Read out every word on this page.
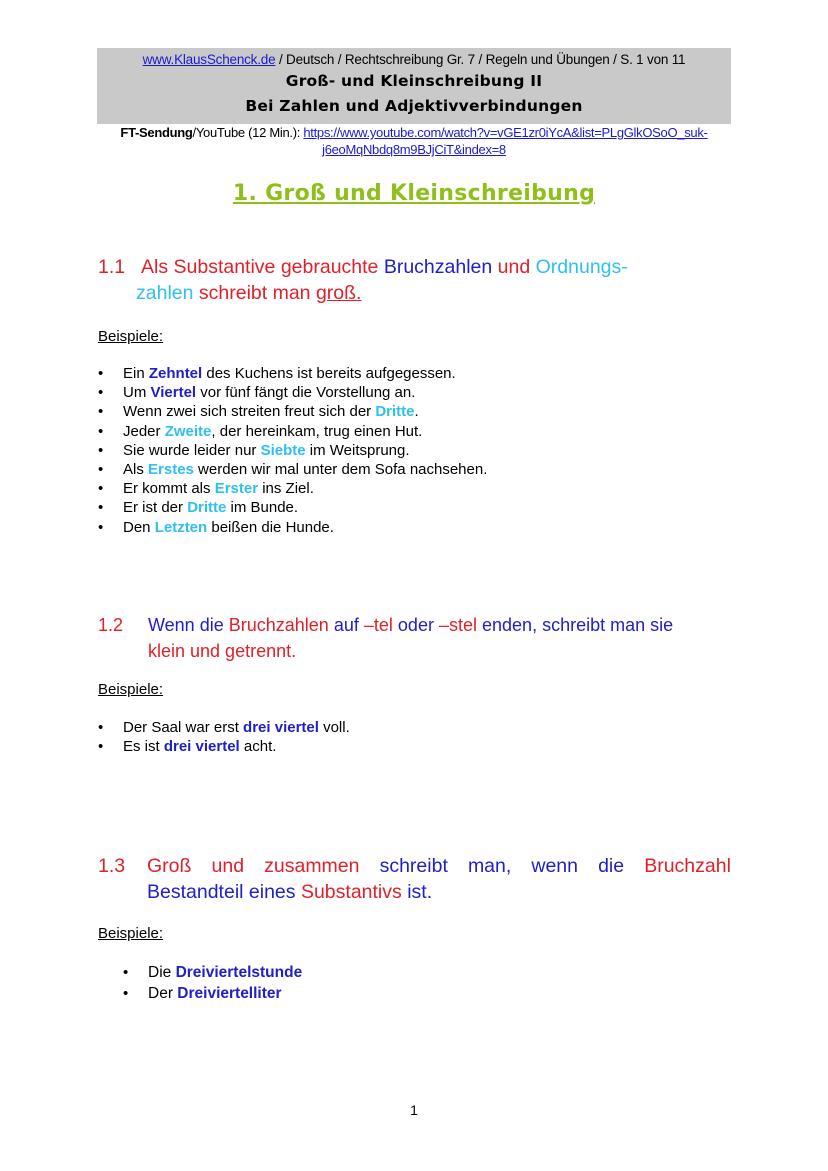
www.KlausSchenck.de / Deutsch / Rechtschreibung Gr. 7 / Regeln und Übungen / S. 1 von 11
Groß- und Kleinschreibung II
Bei Zahlen und Adjektivverbindungen
FT-Sendung/YouTube (12 Min.): https://www.youtube.com/watch?v=vGE1zr0iYcA&list=PLgGlkOSoO_suk-
j6eoMqNbdq8m9BJjCiT&index=8
1. Groß und Kleinschreibung
1.1 Als Substantive gebrauchte Bruchzahlen und Ordnungs-
zahlen schreibt man groß.
Beispiele:
• Ein Zehntel des Kuchens ist bereits aufgegessen.
• Um Viertel vor fünf fängt die Vorstellung an.
• Wenn zwei sich streiten freut sich der Dritte.
• Jeder Zweite, der hereinkam, trug einen Hut.
• Sie wurde leider nur Siebte im Weitsprung.
• Als Erstes werden wir mal unter dem Sofa nachsehen.
• Er kommt als Erster ins Ziel.
• Er ist der Dritte im Bunde.
• Den Letzten beißen die Hunde.
1.2	Wenn die Bruchzahlen auf –tel oder –stel enden, schreibt man sie
klein und getrennt.
Beispiele:
• Der Saal war erst drei viertel voll.
• Es ist drei viertel acht.
1.3 Groß und zusammen schreibt man, wenn die Bruchzahl
Bestandteil eines Substantivs ist.
Beispiele:
• Die Dreiviertelstunde
• Der Dreiviertelliter
1
